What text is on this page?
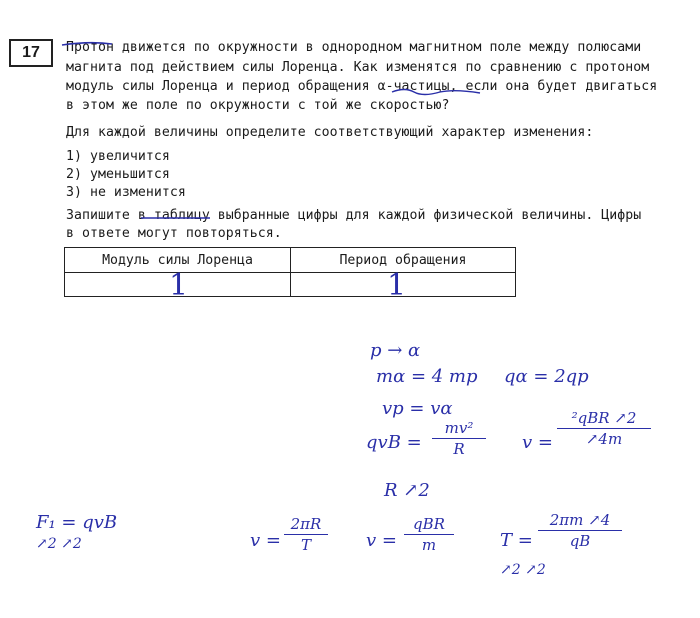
17 Протон движется по окружности в однородном магнитном поле между полюсами
магнита под действием силы Лоренца. Как изменятся по сравнению с протоном
модуль силы Лоренца и период обращения α-частицы, если она будет двигаться
в этом же поле по окружности с той же скоростью?
Для каждой величины определите соответствующий характер изменения:
1) увеличится
2) уменьшится
3) не изменится
Запишите в таблицу выбранные цифры для каждой физической величины. Цифры
в ответе могут повторяться.
Модуль силы Лоренца	Период обращения
1	1
p → α
mα = 4 mp qα = 2qp
vp = vα
qvB =
mv²
R	v =
²qBR ↗2
↗4m
R ↗2
F₁ = qvB
↗2 ↗2	v =
2πR
T	v =
qBR
m	T =
2πm ↗4
qB
↗2 ↗2
